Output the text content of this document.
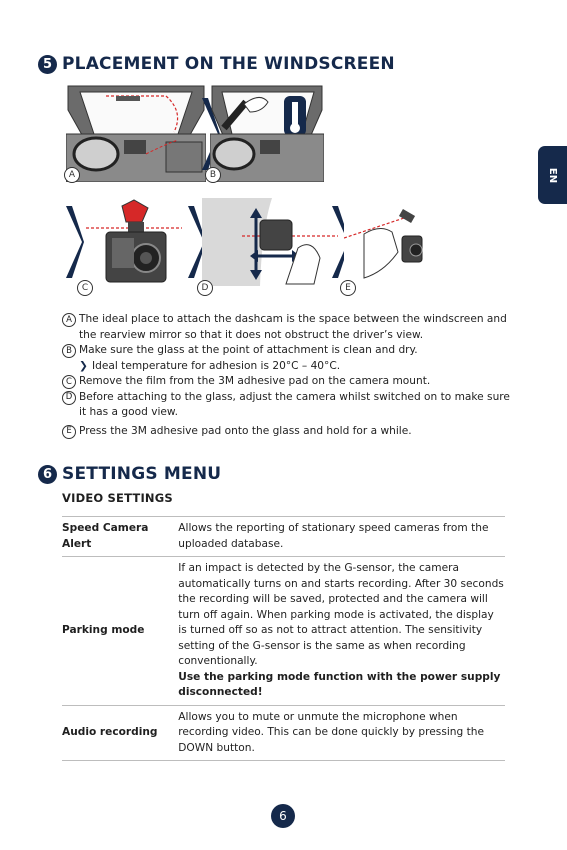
5 PLACEMENT ON THE WINDSCREEN
EN
A	B
C	D	E
A The ideal place to attach the dashcam is the space between the windscreen and the rearview mirror so that it does not obstruct the driver’s view.
B Make sure the glass at the point of attachment is clean and dry.
❯ Ideal temperature for adhesion is 20°C – 40°C.
C Remove the film from the 3M adhesive pad on the camera mount.
D Before attaching to the glass, adjust the camera whilst switched on to make sure it has a good view.
E Press the 3M adhesive pad onto the glass and hold for a while.
6 SETTINGS MENU
VIDEO SETTINGS
Speed Camera Alert	Allows the reporting of stationary speed cameras from the uploaded database.
Parking mode	If an impact is detected by the G-sensor, the camera automatically turns on and starts recording. After 30 seconds the recording will be saved, protected and the camera will turn off again. When parking mode is activated, the display is turned off so as not to attract attention. The sensitivity setting of the G-sensor is the same as when recording conventionally.
Use the parking mode function with the power supply disconnected!

Audio recording	Allows you to mute or unmute the microphone when recording video. This can be done quickly by pressing the DOWN button.
6
